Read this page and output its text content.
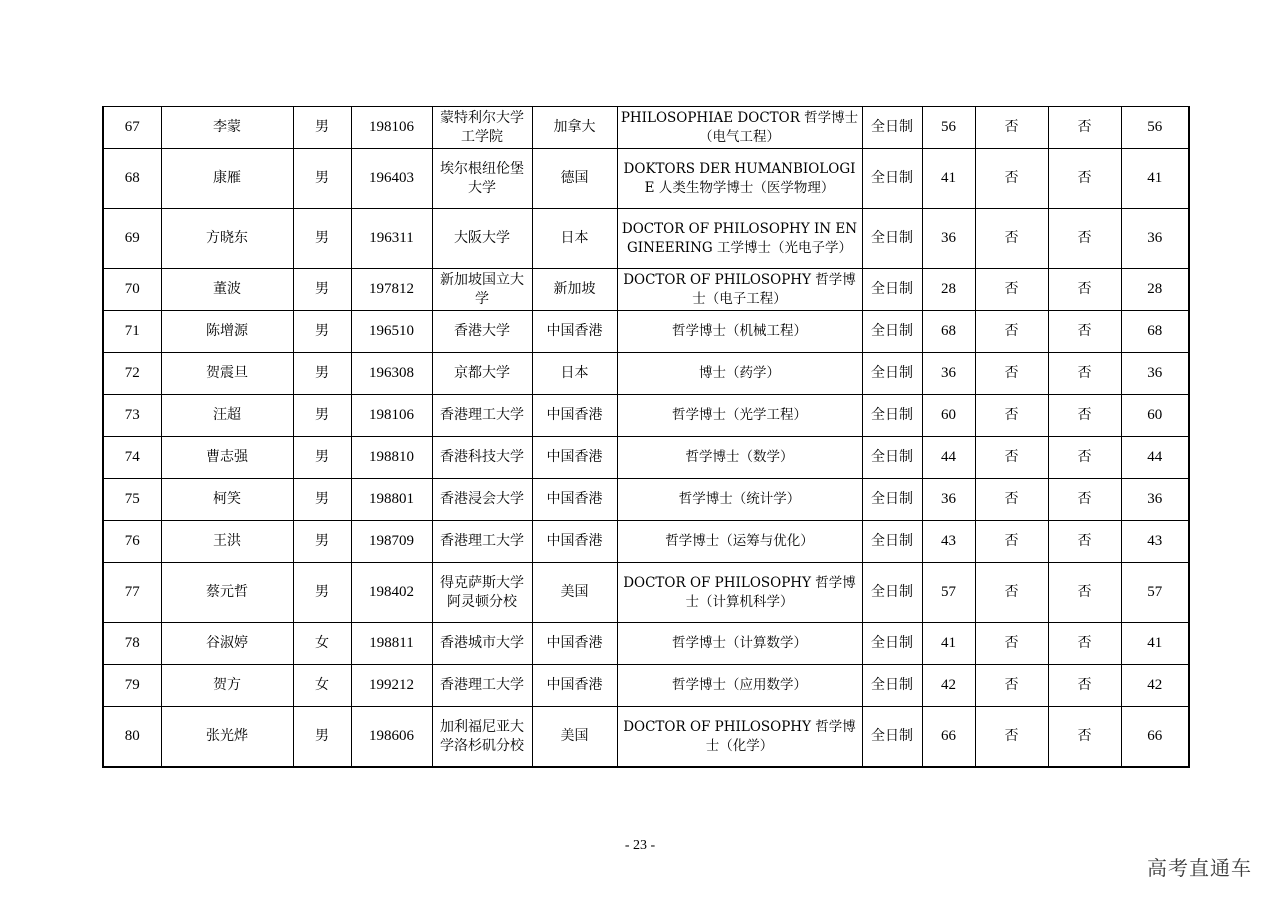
67	李蒙	男	198106	蒙特利尔大学工学院	加拿大	PHILOSOPHIAE DOCTOR 哲学博士（电气工程）	全日制	56	否	否	56
68	康雁	男	196403	埃尔根纽伦堡大学	德国	DOKTORS DER HUMANBIOLOGIE 人类生物学博士（医学物理）	全日制	41	否	否	41
69	方晓东	男	196311	大阪大学	日本	DOCTOR OF PHILOSOPHY IN ENGINEERING 工学博士（光电子学）	全日制	36	否	否	36
70	董波	男	197812	新加坡国立大学	新加坡	DOCTOR OF PHILOSOPHY 哲学博士（电子工程）	全日制	28	否	否	28
71	陈增源	男	196510	香港大学	中国香港	哲学博士（机械工程）	全日制	68	否	否	68
72	贺震旦	男	196308	京都大学	日本	博士（药学）	全日制	36	否	否	36
73	汪超	男	198106	香港理工大学	中国香港	哲学博士（光学工程）	全日制	60	否	否	60
74	曹志强	男	198810	香港科技大学	中国香港	哲学博士（数学）	全日制	44	否	否	44
75	柯笑	男	198801	香港浸会大学	中国香港	哲学博士（统计学）	全日制	36	否	否	36
76	王洪	男	198709	香港理工大学	中国香港	哲学博士（运筹与优化）	全日制	43	否	否	43
77	蔡元哲	男	198402	得克萨斯大学阿灵顿分校	美国	DOCTOR OF PHILOSOPHY 哲学博士（计算机科学）	全日制	57	否	否	57
78	谷淑婷	女	198811	香港城市大学	中国香港	哲学博士（计算数学）	全日制	41	否	否	41
79	贺方	女	199212	香港理工大学	中国香港	哲学博士（应用数学）	全日制	42	否	否	42
80	张光烨	男	198606	加利福尼亚大学洛杉矶分校	美国	DOCTOR OF PHILOSOPHY 哲学博士（化学）	全日制	66	否	否	66
- 23 -
高考直通车
